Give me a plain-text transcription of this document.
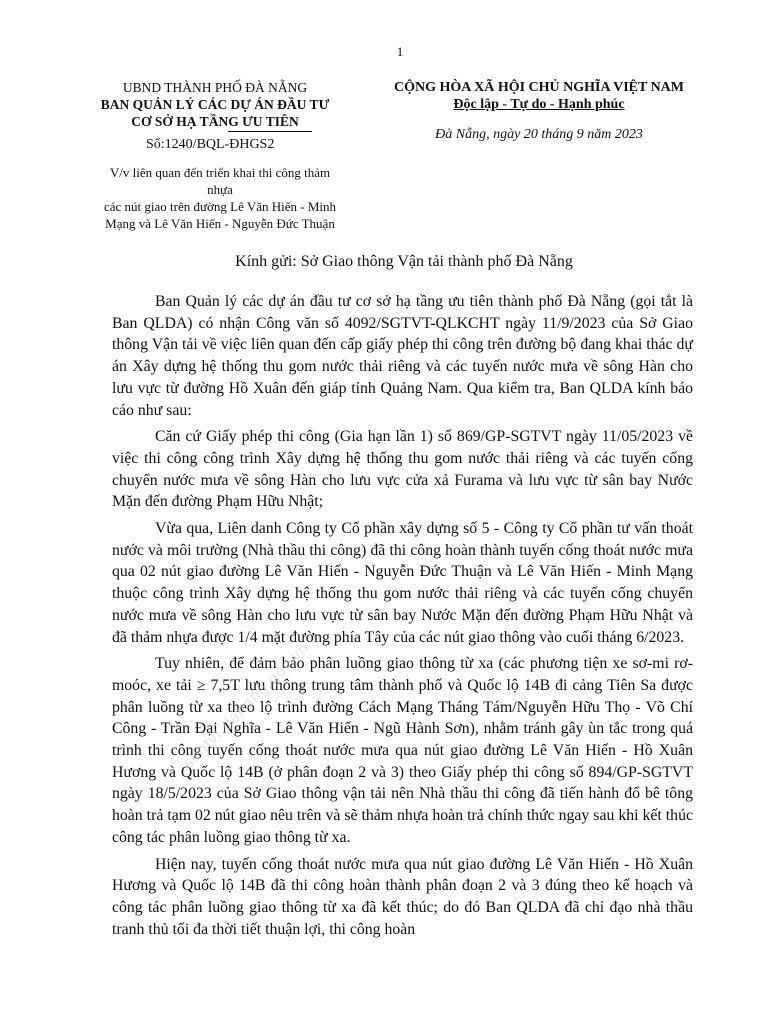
1
UBND THÀNH PHỐ ĐÀ NẴNG
BAN QUẢN LÝ CÁC DỰ ÁN ĐẦU TƯ
CƠ SỞ HẠ TẦNG ƯU TIÊN
Số:1240/BQL-ĐHGS2
V/v liên quan đến triển khai thi công thảm nhựa
các nút giao trên đường Lê Văn Hiến - Minh
Mạng và Lê Văn Hiến - Nguyễn Đức Thuận
CỘNG HÒA XÃ HỘI CHỦ NGHĨA VIỆT NAM
Độc lập - Tự do - Hạnh phúc
Đà Nẵng, ngày 20 tháng 9 năm 2023
Kính gửi: Sở Giao thông Vận tải thành phố Đà Nẵng

Ban Quản lý các dự án đầu tư cơ sở hạ tầng ưu tiên thành phố Đà Nẵng (gọi tắt là Ban QLDA) có nhận Công văn số 4092/SGTVT-QLKCHT ngày 11/9/2023 của Sở Giao thông Vận tải về việc liên quan đến cấp giấy phép thi công trên đường bộ đang khai thác dự án Xây dựng hệ thống thu gom nước thải riêng và các tuyến nước mưa về sông Hàn cho lưu vực từ đường Hồ Xuân đến giáp tỉnh Quảng Nam. Qua kiểm tra, Ban QLDA kính báo cáo như sau:

Căn cứ Giấy phép thi công (Gia hạn lần 1) số 869/GP-SGTVT ngày 11/05/2023 về việc thi công công trình Xây dựng hệ thống thu gom nước thải riêng và các tuyến cống chuyển nước mưa về sông Hàn cho lưu vực cửa xả Furama và lưu vực từ sân bay Nước Mặn đến đường Phạm Hữu Nhật;

Vừa qua, Liên danh Công ty Cổ phần xây dựng số 5 - Công ty Cổ phần tư vấn thoát nước và môi trường (Nhà thầu thi công) đã thi công hoàn thành tuyến cống thoát nước mưa qua 02 nút giao đường Lê Văn Hiến - Nguyễn Đức Thuận và Lê Văn Hiến - Minh Mạng thuộc công trình Xây dựng hệ thống thu gom nước thải riêng và các tuyến cống chuyển nước mưa về sông Hàn cho lưu vực từ sân bay Nước Mặn đến đường Phạm Hữu Nhật và đã thảm nhựa được 1/4 mặt đường phía Tây của các nút giao thông vào cuối tháng 6/2023.

Tuy nhiên, để đảm bảo phân luồng giao thông từ xa (các phương tiện xe sơ-mi rơ-moóc, xe tải ≥ 7,5T lưu thông trung tâm thành phố và Quốc lộ 14B đi cảng Tiên Sa được phân luồng từ xa theo lộ trình đường Cách Mạng Tháng Tám/Nguyễn Hữu Thọ - Võ Chí Công - Trần Đại Nghĩa - Lê Văn Hiến - Ngũ Hành Sơn), nhằm tránh gây ùn tắc trong quá trình thi công tuyến cống thoát nước mưa qua nút giao đường Lê Văn Hiến - Hồ Xuân Hương và Quốc lộ 14B (ở phân đoạn 2 và 3) theo Giấy phép thi công số 894/GP-SGTVT ngày 18/5/2023 của Sở Giao thông vận tải nên Nhà thầu thi công đã tiến hành đổ bê tông hoàn trả tạm 02 nút giao nêu trên và sẽ thảm nhựa hoàn trả chính thức ngay sau khi kết thúc công tác phân luồng giao thông từ xa.

Hiện nay, tuyến cống thoát nước mưa qua nút giao đường Lê Văn Hiến - Hồ Xuân Hương và Quốc lộ 14B đã thi công hoàn thành phân đoạn 2 và 3 đúng theo kế hoạch và công tác phân luồng giao thông từ xa đã kết thúc; do đó Ban QLDA đã chỉ đạo nhà thầu tranh thủ tối đa thời tiết thuận lợi, thi công hoàn

sogtvt.danang.gov.vn
